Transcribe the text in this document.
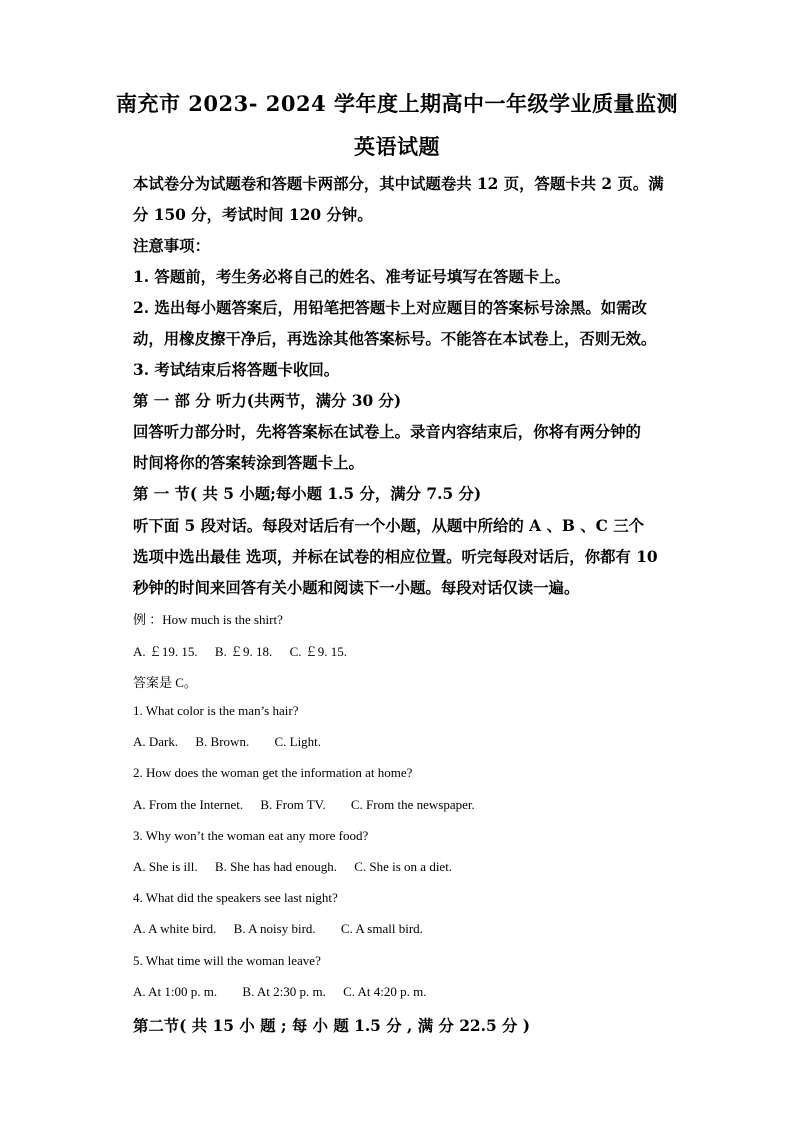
南充市 2023- 2024 学年度上期高中一年级学业质量监测
英语试题
本试卷分为试题卷和答题卡两部分，其中试题卷共 12 页，答题卡共 2 页。满
分 150 分，考试时间 120 分钟。
注意事项：
1. 答题前，考生务必将自己的姓名、准考证号填写在答题卡上。
2. 选出每小题答案后，用铅笔把答题卡上对应题目的答案标号涂黑。如需改
动，用橡皮擦干净后，再选涂其他答案标号。不能答在本试卷上，否则无效。
3. 考试结束后将答题卡收回。
第 一 部 分 听力(共两节，满分 30 分)
回答听力部分时，先将答案标在试卷上。录音内容结束后，你将有两分钟的
时间将你的答案转涂到答题卡上。
第 一 节( 共 5 小题;每小题 1.5 分，满分 7.5 分)
听下面 5 段对话。每段对话后有一个小题，从题中所给的 A 、B 、C 三个
选项中选出最佳 选项，并标在试卷的相应位置。听完每段对话后，你都有 10
秒钟的时间来回答有关小题和阅读下一小题。每段对话仅读一遍。
例 ：How much is the shirt?
A. ￡19. 15. B. ￡9. 18. C. ￡9. 15.
答案是 C。
1. What color is the man’s hair?
A. Dark. B. Brown. C. Light.
2. How does the woman get the information at home?
A. From the Internet. B. From TV. C. From the newspaper.
3. Why won’t the woman eat any more food?
A. She is ill. B. She has had enough. C. She is on a diet.
4. What did the speakers see last night?
A. A white bird. B. A noisy bird. C. A small bird.
5. What time will the woman leave?
A. At 1:00 p. m. B. At 2:30 p. m. C. At 4:20 p. m.
第二节( 共 15 小 题 ; 每 小 题 1.5 分 , 满 分 22.5 分 )
